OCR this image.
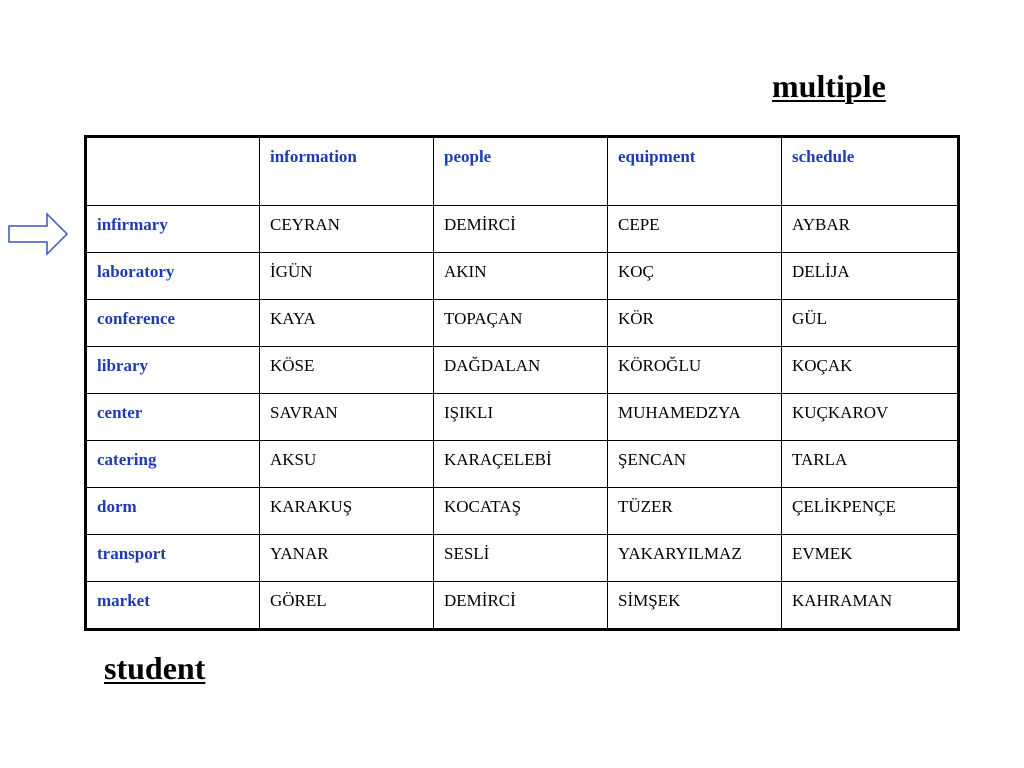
multiple

	information	people	equipment	schedule
infirmary	CEYRAN	DEMİRCİ	CEPE	AYBAR
laboratory	İGÜN	AKIN	KOÇ	DELİJA
conference	KAYA	TOPAÇAN	KÖR	GÜL
library	KÖSE	DAĞDALAN	KÖROĞLU	KOÇAK
center	SAVRAN	IŞIKLI	MUHAMEDZYA	KUÇKAROV
catering	AKSU	KARAÇELEBİ	ŞENCAN	TARLA
dorm	KARAKUŞ	KOCATAŞ	TÜZER	ÇELİKPENÇE
transport	YANAR	SESLİ	YAKARYILMAZ	EVMEK
market	GÖREL	DEMİRCİ	SİMŞEK	KAHRAMAN

student
